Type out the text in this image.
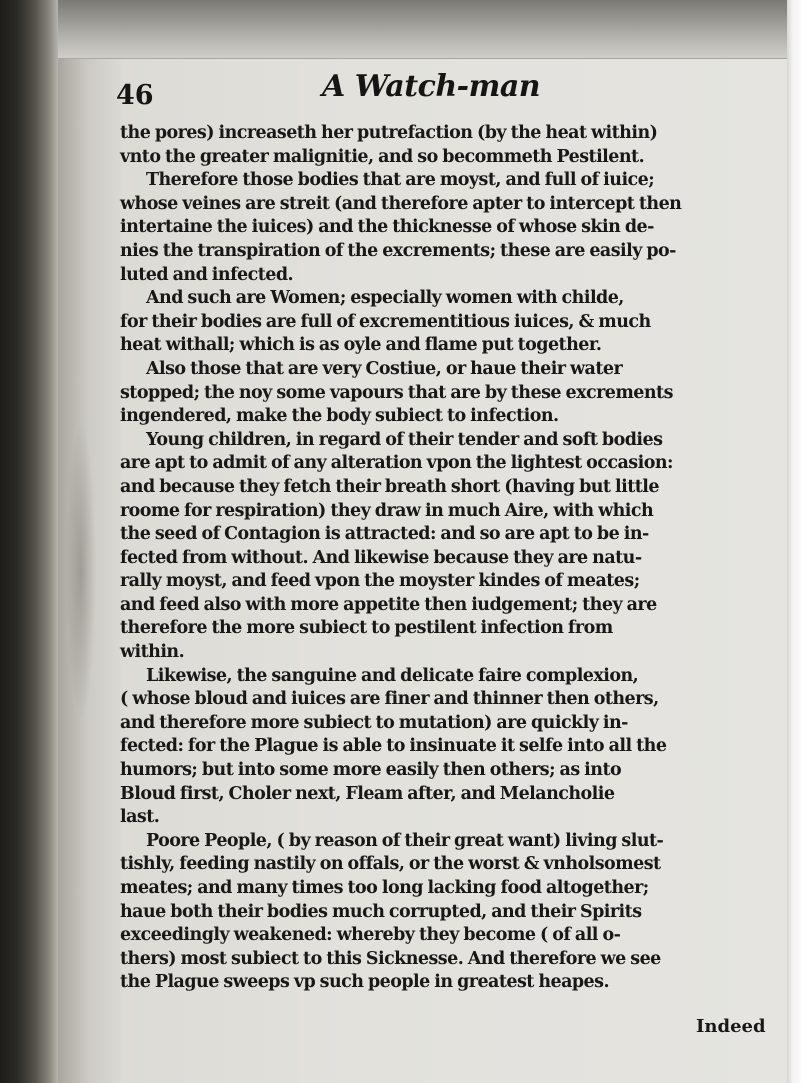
46	A Watch-man

the pores) increaseth her putrefaction (by the heat within)
vnto the greater malignitie, and so becommeth Pestilent.
Therefore those bodies that are moyst, and full of iuice;
whose veines are streit (and therefore apter to intercept then
intertaine the iuices) and the thicknesse of whose skin de-
nies the transpiration of the excrements; these are easily po-
luted and infected.
And such are Women; especially women with childe,
for their bodies are full of excrementitious iuices, & much
heat withall; which is as oyle and flame put together.
Also those that are very Costiue, or haue their water
stopped; the noy some vapours that are by these excrements
ingendered, make the body subiect to infection.
Young children, in regard of their tender and soft bodies
are apt to admit of any alteration vpon the lightest occasion:
and because they fetch their breath short (having but little
roome for respiration) they draw in much Aire, with which
the seed of Contagion is attracted: and so are apt to be in-
fected from without. And likewise because they are natu-
rally moyst, and feed vpon the moyster kindes of meates;
and feed also with more appetite then iudgement; they are
therefore the more subiect to pestilent infection from
within.
Likewise, the sanguine and delicate faire complexion,
( whose bloud and iuices are finer and thinner then others,
and therefore more subiect to mutation) are quickly in-
fected: for the Plague is able to insinuate it selfe into all the
humors; but into some more easily then others; as into
Bloud first, Choler next, Fleam after, and Melancholie
last.
Poore People, ( by reason of their great want) living slut-
tishly, feeding nastily on offals, or the worst & vnholsomest
meates; and many times too long lacking food altogether;
haue both their bodies much corrupted, and their Spirits
exceedingly weakened: whereby they become ( of all o-
thers) most subiect to this Sicknesse. And therefore we see
the Plague sweeps vp such people in greatest heapes.

Indeed
